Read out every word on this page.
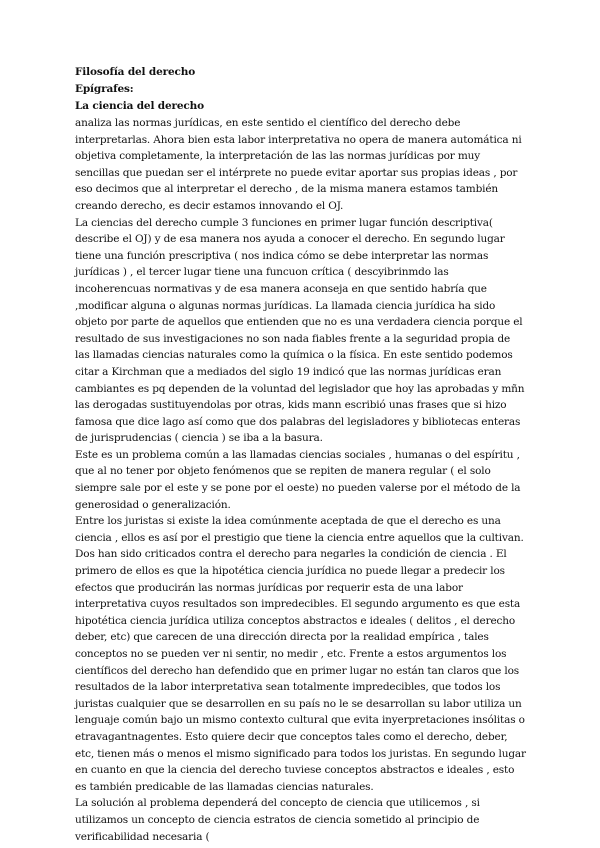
Filosofía del derecho

Epígrafes:

La ciencia del derecho

analiza las normas jurídicas, en este sentido el científico del derecho debe interpretarlas. Ahora bien esta labor interpretativa no opera de manera automática ni objetiva completamente, la interpretación de las las normas jurídicas por muy sencillas que puedan ser el intérprete no puede evitar aportar sus propias ideas , por eso decimos que al interpretar el derecho , de la misma manera estamos también creando derecho, es decir estamos innovando el OJ.

La ciencias del derecho cumple 3 funciones en primer lugar función descriptiva( describe el OJ) y de esa manera nos ayuda a conocer el derecho. En segundo lugar tiene una función prescriptiva ( nos indica cómo se debe interpretar las normas jurídicas ) , el tercer lugar tiene una funcuon crítica ( descyibrinmdo las incoherencuas normativas y de esa manera aconseja en que sentido habría que ,modificar alguna o algunas normas jurídicas. La llamada ciencia jurídica ha sido objeto por parte de aquellos que entienden que no es una verdadera ciencia porque el resultado de sus investigaciones no son nada fiables frente a la seguridad propia de las llamadas ciencias naturales como la química o la física. En este sentido podemos citar a Kirchman que a mediados del siglo 19 indicó que las normas jurídicas eran cambiantes es pq dependen de la voluntad del legislador que hoy las aprobadas y mñn las derogadas sustituyendolas por otras, kids mann escribió unas frases que si hizo famosa que dice lago así como que dos palabras del legisladores y bibliotecas enteras de jurisprudencias ( ciencia ) se iba a la basura.

Este es un problema común a las llamadas ciencias sociales , humanas o del espíritu , que al no tener por objeto fenómenos que se repiten de manera regular ( el solo siempre sale por el este y se pone por el oeste) no pueden valerse por el método de la generosidad o generalización.

Entre los juristas si existe la idea comúnmente aceptada de que el derecho es una ciencia , ellos es así por el prestigio que tiene la ciencia entre aquellos que la cultivan. Dos han sido criticados contra el derecho para negarles la condición de ciencia . El primero de ellos es que la hipotética ciencia jurídica no puede llegar a predecir los efectos que producirán las normas jurídicas por requerir esta de una labor interpretativa cuyos resultados son impredecibles. El segundo argumento es que esta hipotética ciencia jurídica utiliza conceptos abstractos e ideales ( delitos , el derecho deber, etc) que carecen de una dirección directa por la realidad empírica , tales conceptos no se pueden ver ni sentir, no medir , etc. Frente a estos argumentos los científicos del derecho han defendido que en primer lugar no están tan claros que los resultados de la labor interpretativa sean totalmente impredecibles, que todos los juristas cualquier que se desarrollen en su país no le se desarrollan su labor utiliza un lenguaje común bajo un mismo contexto cultural que evita inyerpretaciones insólitas o etravagantnagentes. Esto quiere decir que conceptos tales como el derecho, deber, etc, tienen más o menos el mismo significado para todos los juristas. En segundo lugar en cuanto en que la ciencia del derecho tuviese conceptos abstractos e ideales , esto es también predicable de las llamadas ciencias naturales.

La solución al problema dependerá del concepto de ciencia que utilicemos , si utilizamos un concepto de ciencia estratos de ciencia sometido al principio de verificabilidad necesaria (
